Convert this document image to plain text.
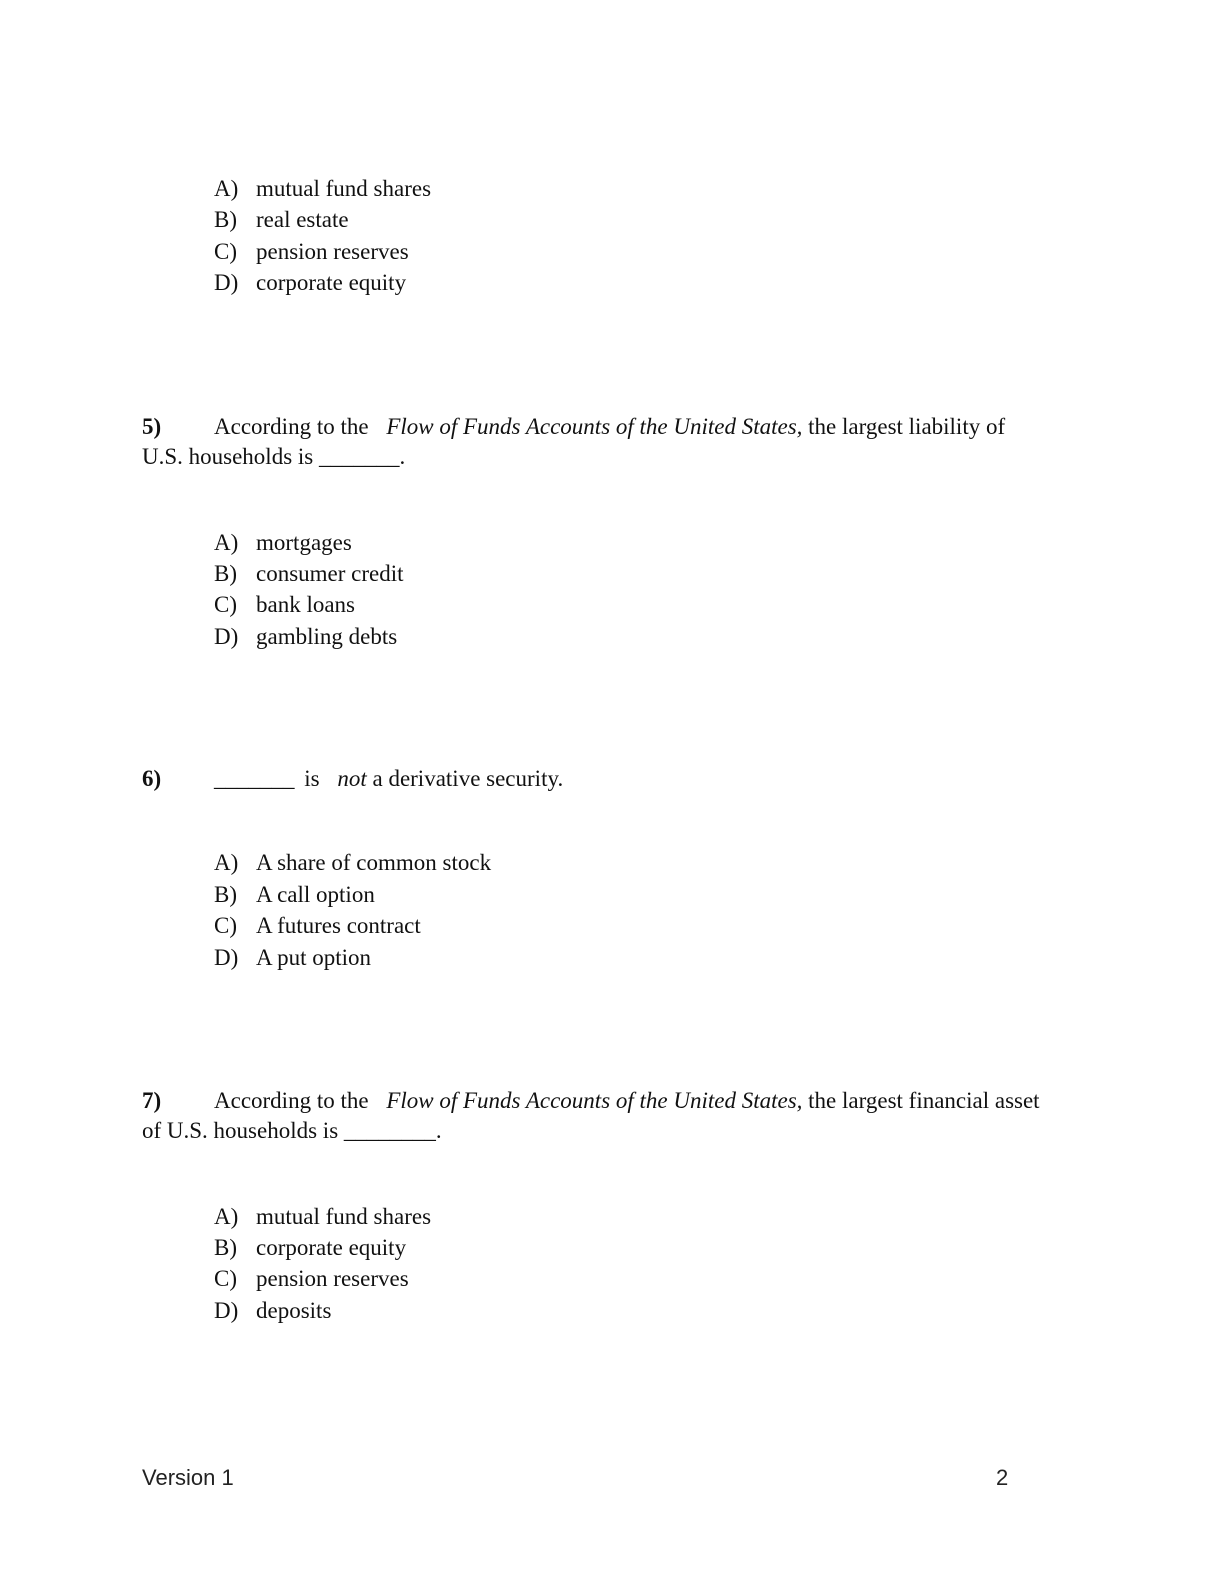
A) mutual fund shares
B) real estate
C) pension reserves
D) corporate equity
5) According to the Flow of Funds Accounts of the United States, the largest liability of
U.S. households is _______.
A) mortgages
B) consumer credit
C) bank loans
D) gambling debts
6) _______ is not a derivative security.
A) A share of common stock
B) A call option
C) A futures contract
D) A put option
7) According to the Flow of Funds Accounts of the United States, the largest financial asset
of U.S. households is ________.
A) mutual fund shares
B) corporate equity
C) pension reserves
D) deposits
Version 1	2
